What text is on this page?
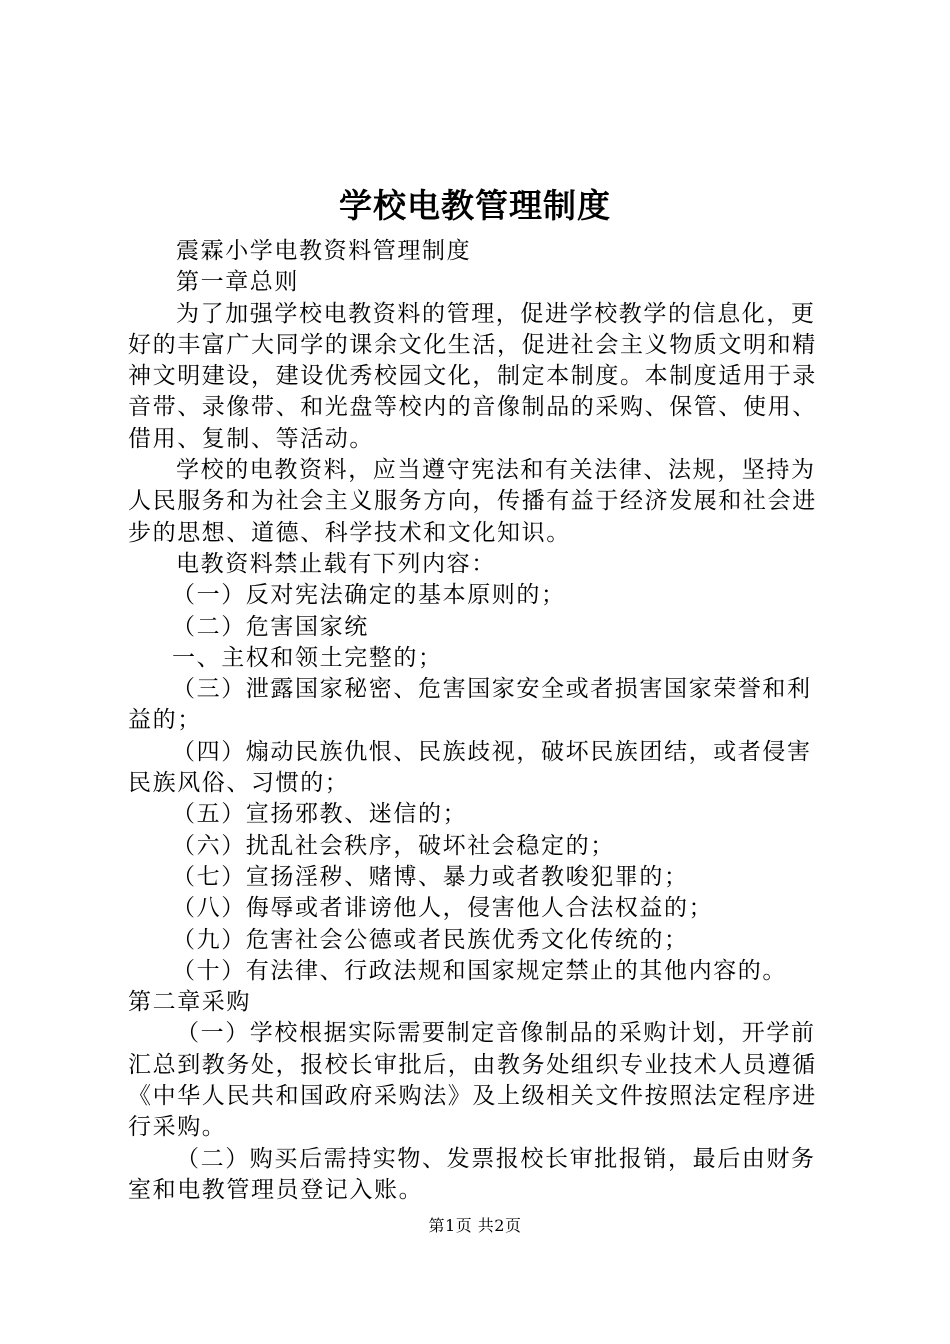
学校电教管理制度

震霖小学电教资料管理制度

第一章总则

为了加强学校电教资料的管理，促进学校教学的信息化，更好的丰富广大同学的课余文化生活，促进社会主义物质文明和精神文明建设，建设优秀校园文化，制定本制度。本制度适用于录音带、录像带、和光盘等校内的音像制品的采购、保管、使用、借用、复制、等活动。

学校的电教资料，应当遵守宪法和有关法律、法规，坚持为人民服务和为社会主义服务方向，传播有益于经济发展和社会进步的思想、道德、科学技术和文化知识。

电教资料禁止载有下列内容：

（一）反对宪法确定的基本原则的；

（二）危害国家统

一、主权和领土完整的；

（三）泄露国家秘密、危害国家安全或者损害国家荣誉和利益的；

（四）煽动民族仇恨、民族歧视，破坏民族团结，或者侵害民族风俗、习惯的；

（五）宣扬邪教、迷信的；

（六）扰乱社会秩序，破坏社会稳定的；

（七）宣扬淫秽、赌博、暴力或者教唆犯罪的；

（八）侮辱或者诽谤他人，侵害他人合法权益的；

（九）危害社会公德或者民族优秀文化传统的；

（十）有法律、行政法规和国家规定禁止的其他内容的。

第二章采购

（一）学校根据实际需要制定音像制品的采购计划，开学前汇总到教务处，报校长审批后，由教务处组织专业技术人员遵循《中华人民共和国政府采购法》及上级相关文件按照法定程序进行采购。

（二）购买后需持实物、发票报校长审批报销，最后由财务室和电教管理员登记入账。

第1页 共2页
